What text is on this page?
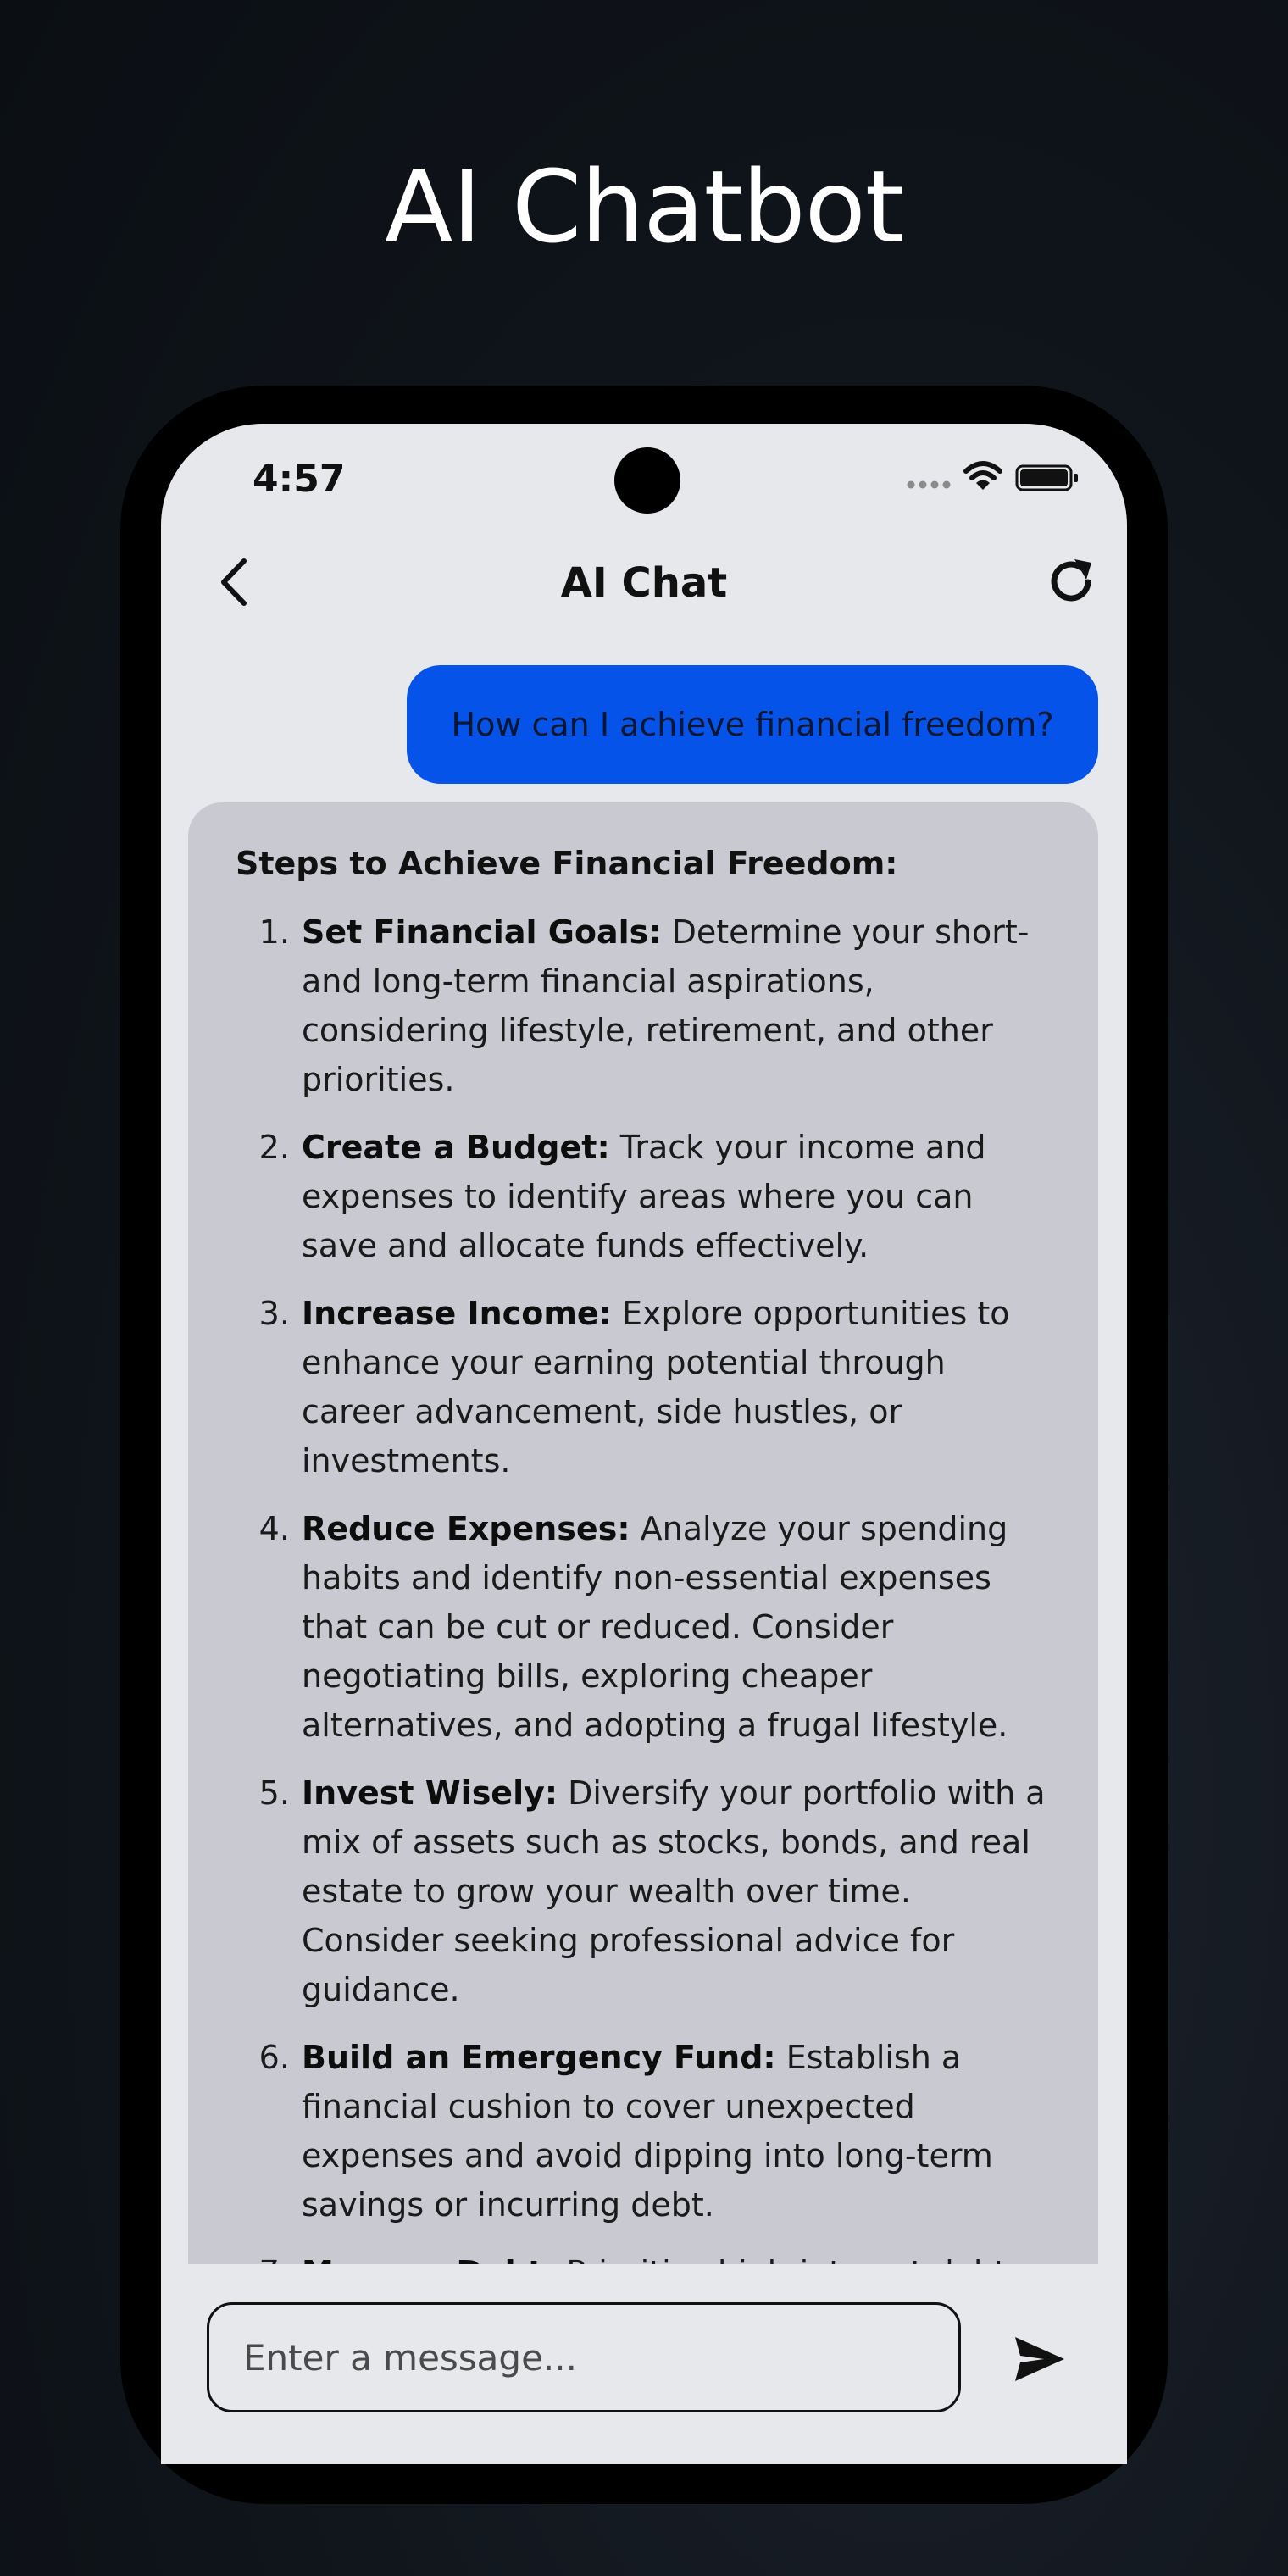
AI Chatbot
4:57
AI Chat
How can I achieve financial freedom?
Steps to Achieve Financial Freedom:
1. Set Financial Goals: Determine your short- and long-term financial aspirations, considering lifestyle, retirement, and other priorities.
2. Create a Budget: Track your income and expenses to identify areas where you can save and allocate funds effectively.
3. Increase Income: Explore opportunities to enhance your earning potential through career advancement, side hustles, or investments.
4. Reduce Expenses: Analyze your spending habits and identify non-essential expenses that can be cut or reduced. Consider negotiating bills, exploring cheaper alternatives, and adopting a frugal lifestyle.
5. Invest Wisely: Diversify your portfolio with a mix of assets such as stocks, bonds, and real estate to grow your wealth over time. Consider seeking professional advice for guidance.
6. Build an Emergency Fund: Establish a financial cushion to cover unexpected expenses and avoid dipping into long-term savings or incurring debt.
7.
Enter a message...
